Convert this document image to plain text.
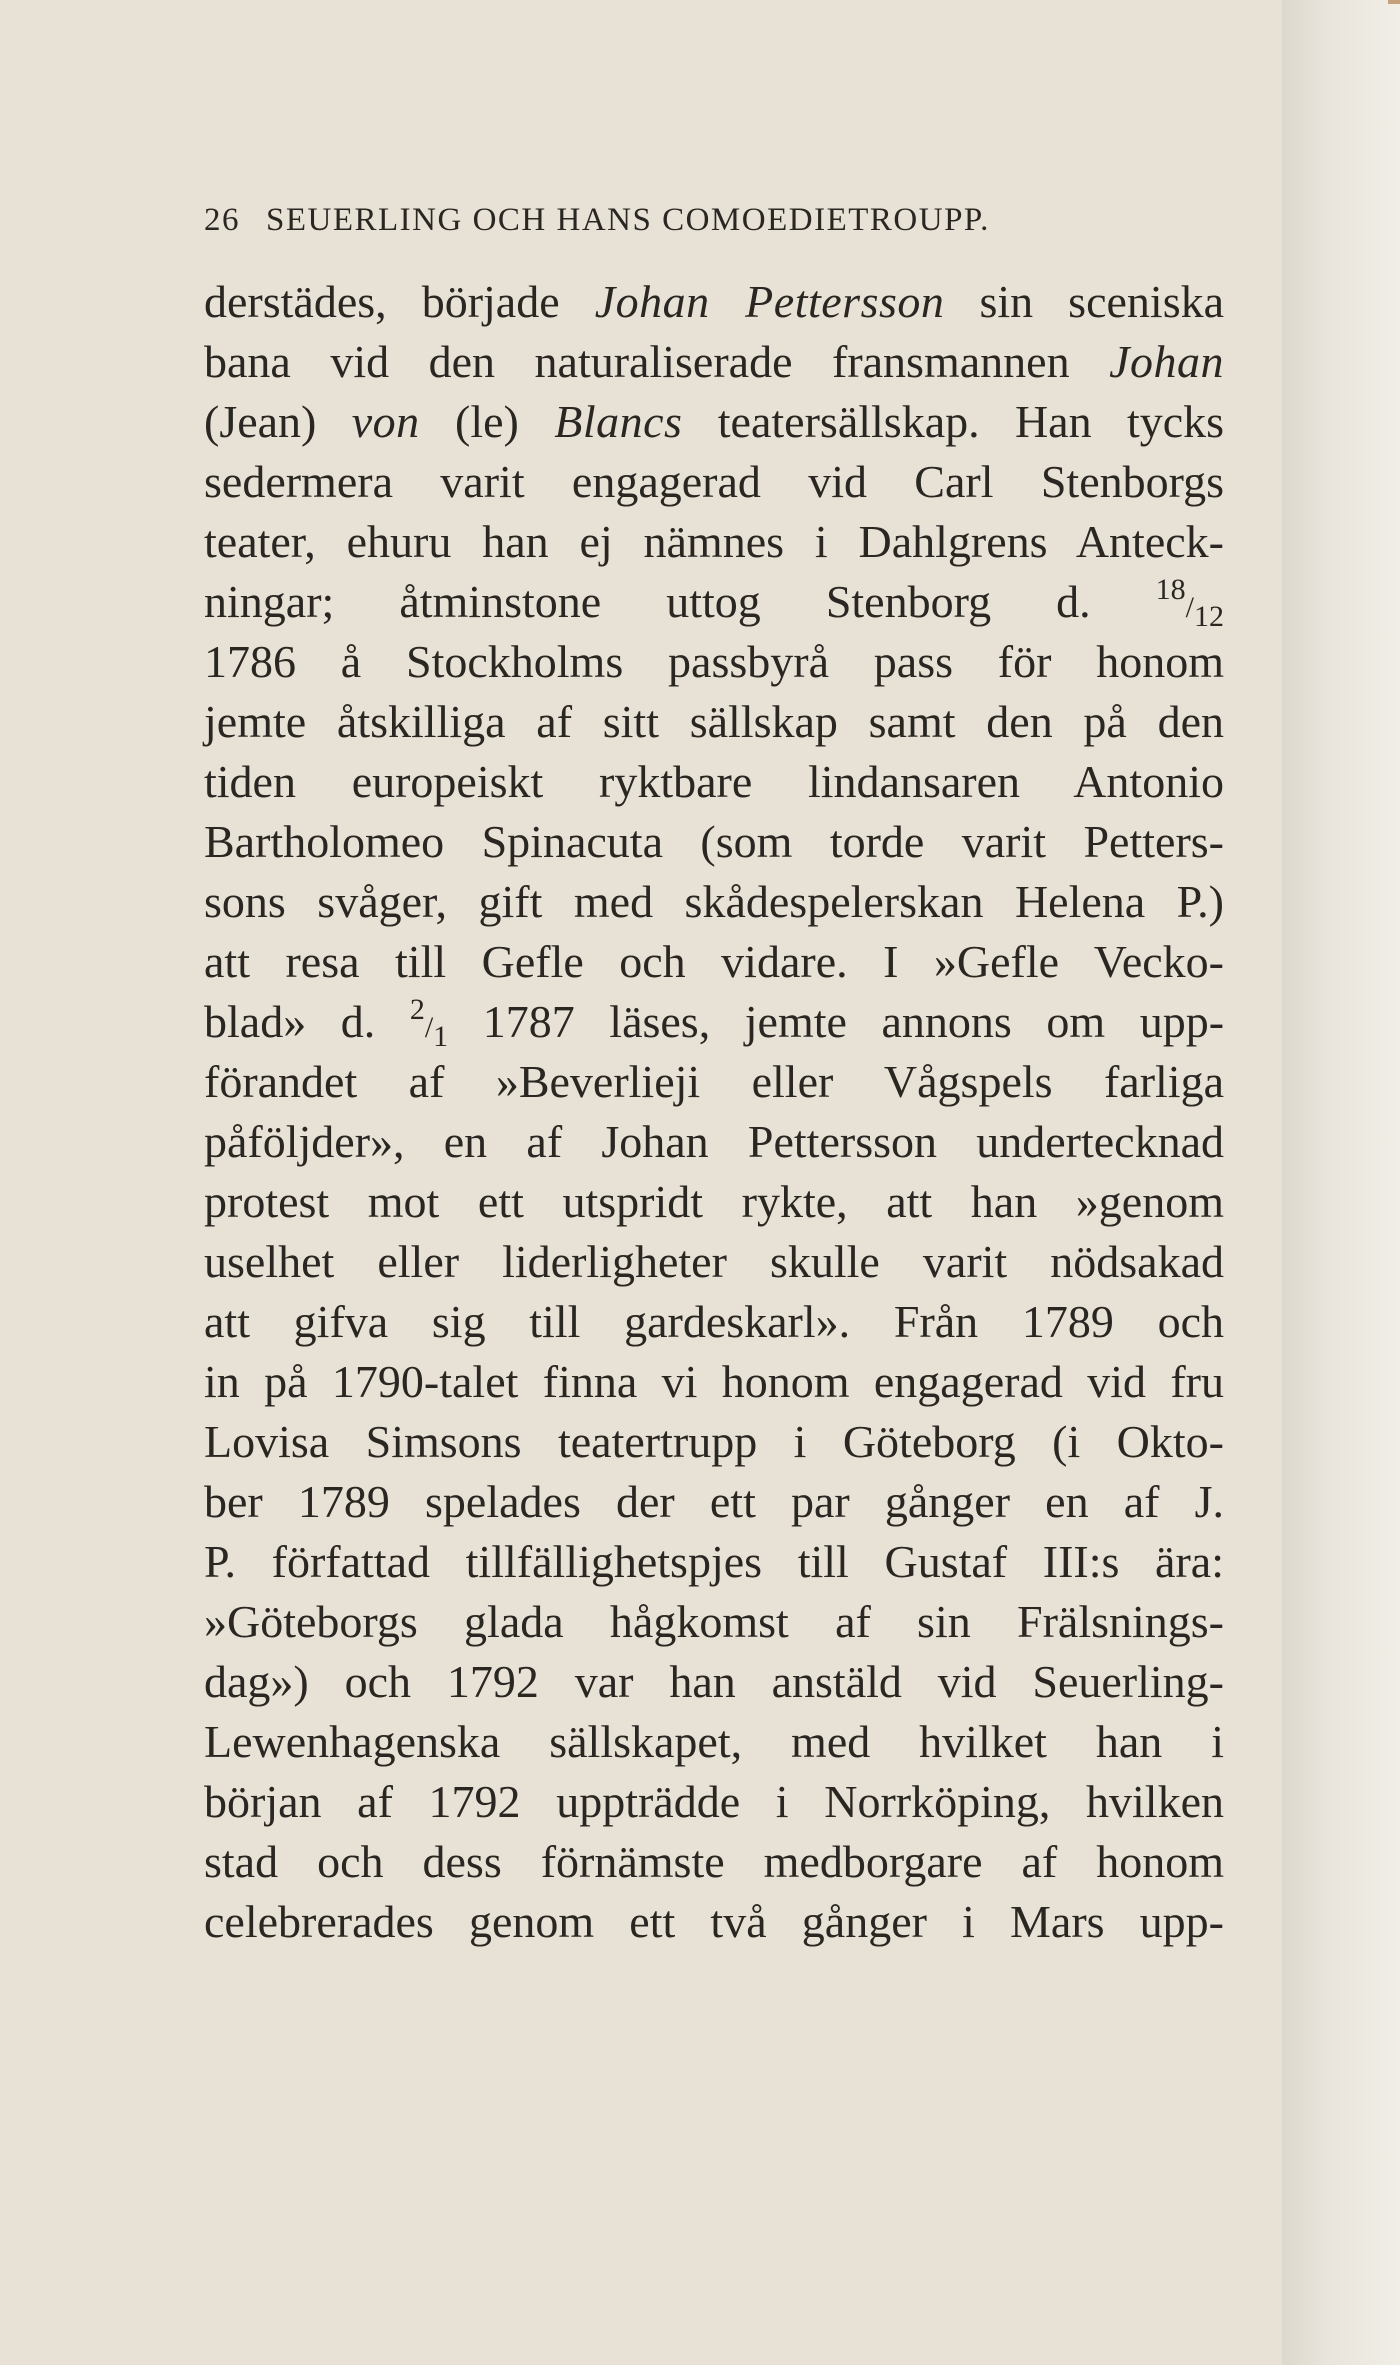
26 SEUERLING OCH HANS COMOEDIETROUPP.
derstädes, började Johan Pettersson sin sceniska
bana vid den naturaliserade fransmannen Johan
(Jean) von (le) Blancs teatersällskap. Han tycks
sedermera varit engagerad vid Carl Stenborgs
teater, ehuru han ej nämnes i Dahlgrens Anteck-
ningar; åtminstone uttog Stenborg d. $^{18}/_{12}$
1786 å Stockholms passbyrå pass för honom
jemte åtskilliga af sitt sällskap samt den på den
tiden europeiskt ryktbare lindansaren Antonio
Bartholomeo Spinacuta (som torde varit Petters-
sons svåger, gift med skådespelerskan Helena P.)
att resa till Gefle och vidare. I »Gefle Vecko-
blad» d. $^2/_1$ 1787 läses, jemte annons om upp-
förandet af »Beverlieji eller Vågspels farliga
påföljder», en af Johan Pettersson undertecknad
protest mot ett utspridt rykte, att han »genom
uselhet eller liderligheter skulle varit nödsakad
att gifva sig till gardeskarl». Från 1789 och
in på 1790-talet finna vi honom engagerad vid fru
Lovisa Simsons teatertrupp i Göteborg (i Okto-
ber 1789 spelades der ett par gånger en af J.
P. författad tillfällighetspjes till Gustaf III:s ära:
»Göteborgs glada hågkomst af sin Frälsnings-
dag») och 1792 var han anstäld vid Seuerling-
Lewenhagenska sällskapet, med hvilket han i
början af 1792 uppträdde i Norrköping, hvilken
stad och dess förnämste medborgare af honom
celebrerades genom ett två gånger i Mars upp-
